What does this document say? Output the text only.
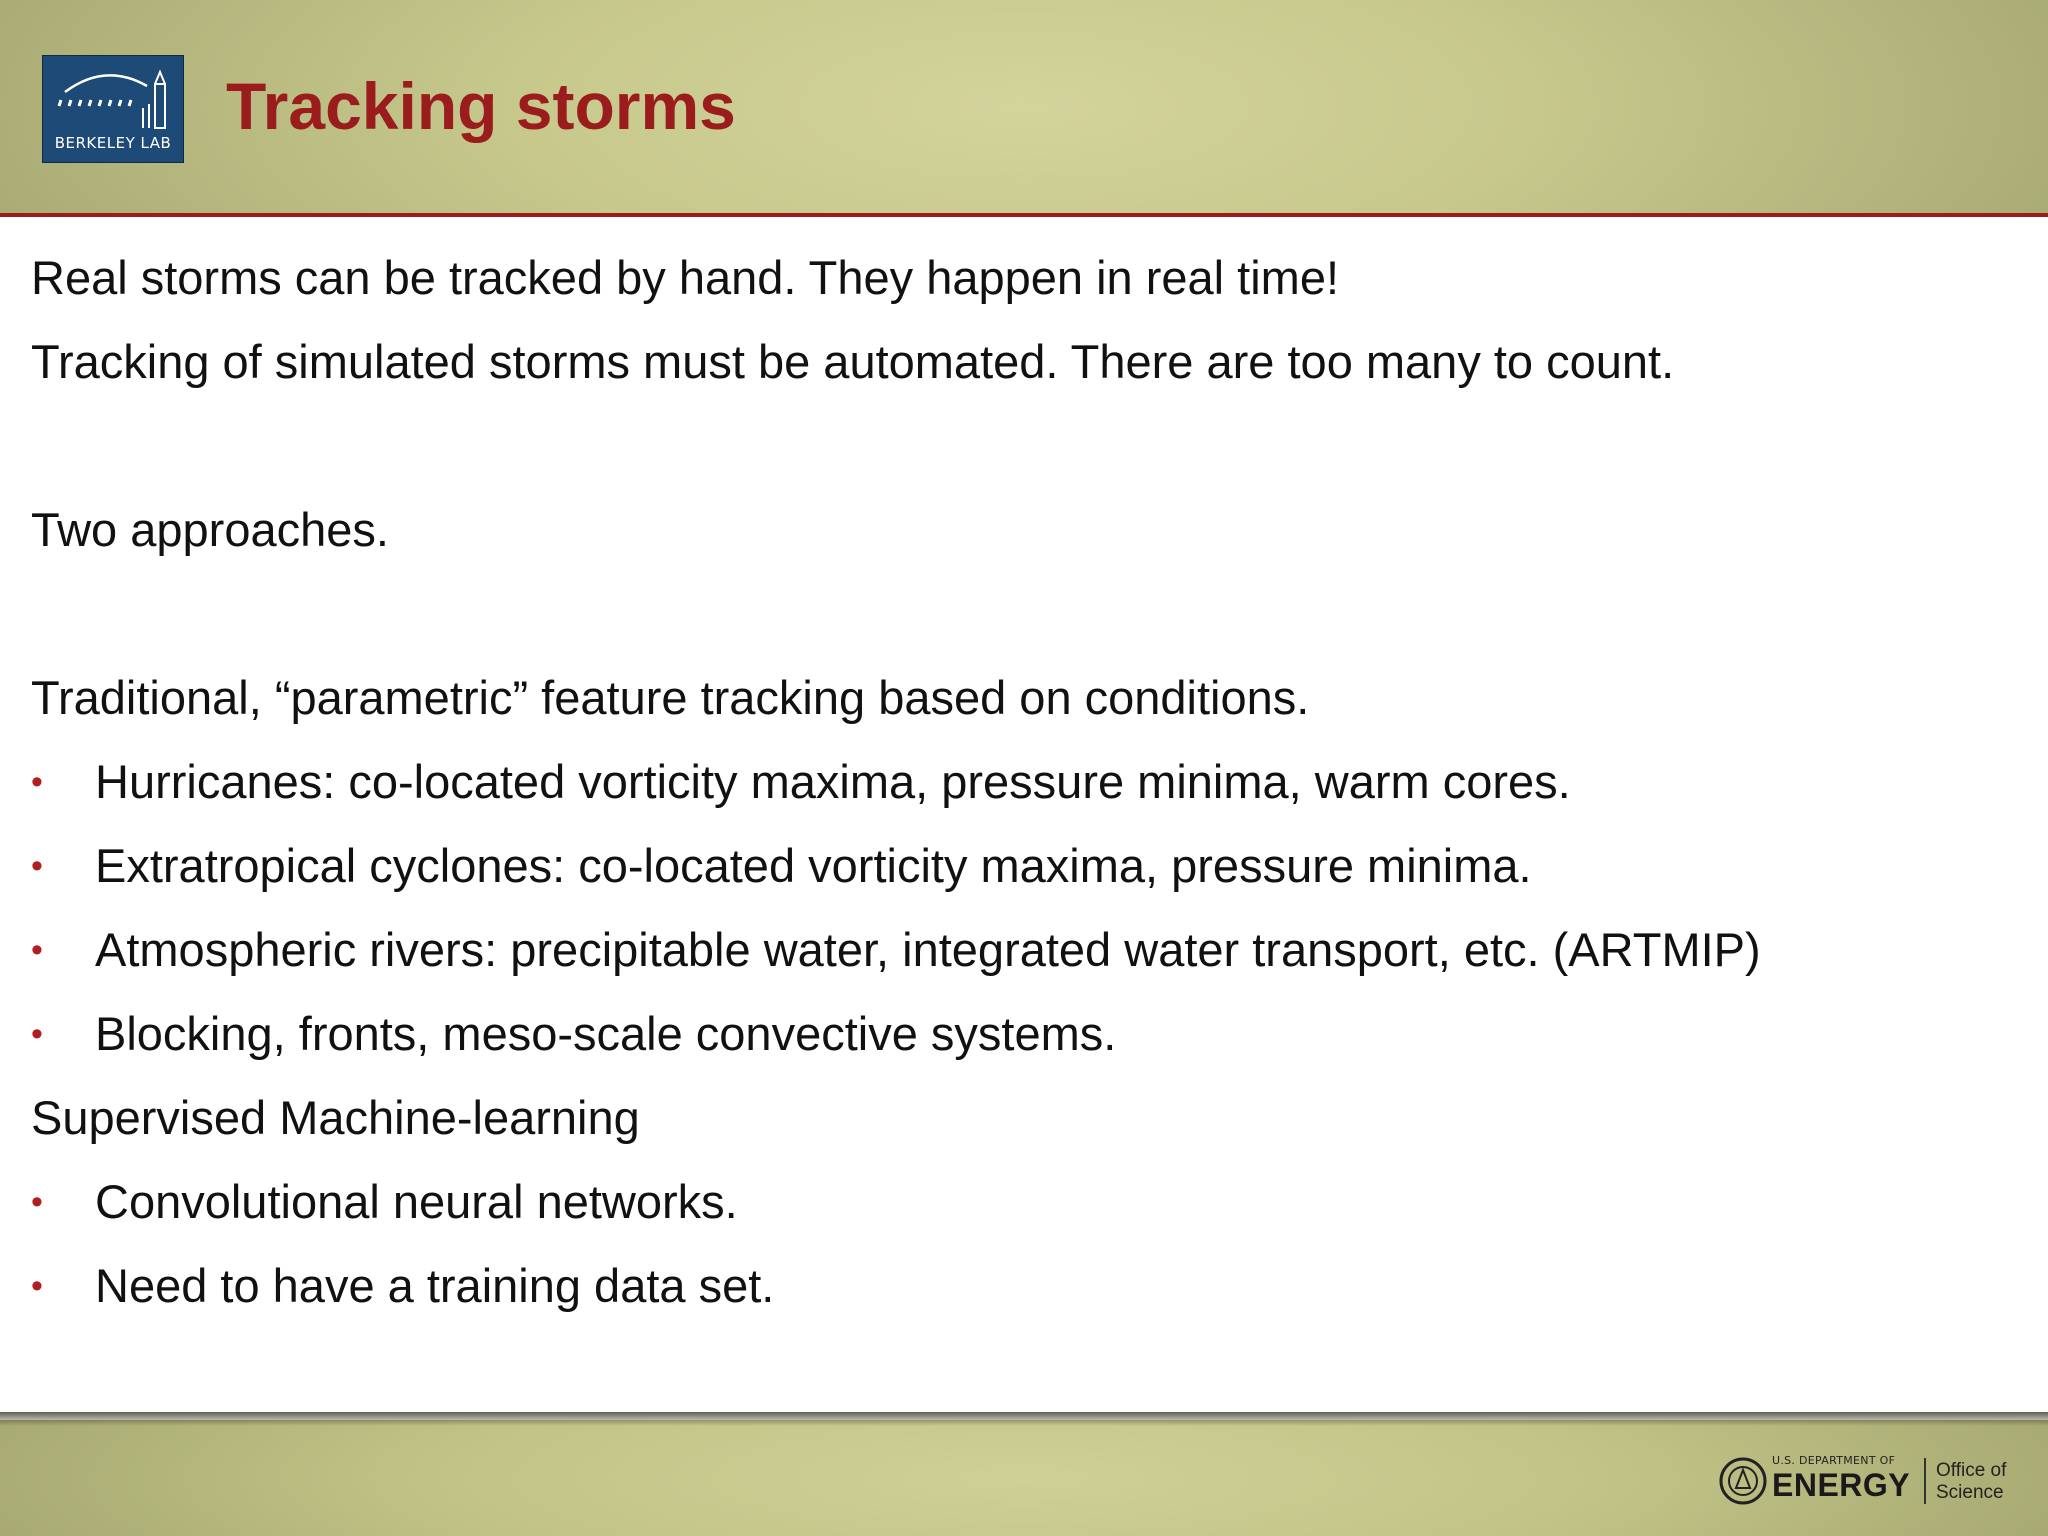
BERKELEY LAB Tracking storms
Real storms can be tracked by hand. They happen in real time!
Tracking of simulated storms must be automated. There are too many to count.
Two approaches.
Traditional, “parametric” feature tracking based on conditions.
• Hurricanes: co-located vorticity maxima, pressure minima, warm cores.
• Extratropical cyclones: co-located vorticity maxima, pressure minima.
• Atmospheric rivers: precipitable water, integrated water transport, etc. (ARTMIP)
• Blocking, fronts, meso-scale convective systems.
Supervised Machine-learning
• Convolutional neural networks.
• Need to have a training data set.
U.S. DEPARTMENT OF
ENERGY Office of
Science
